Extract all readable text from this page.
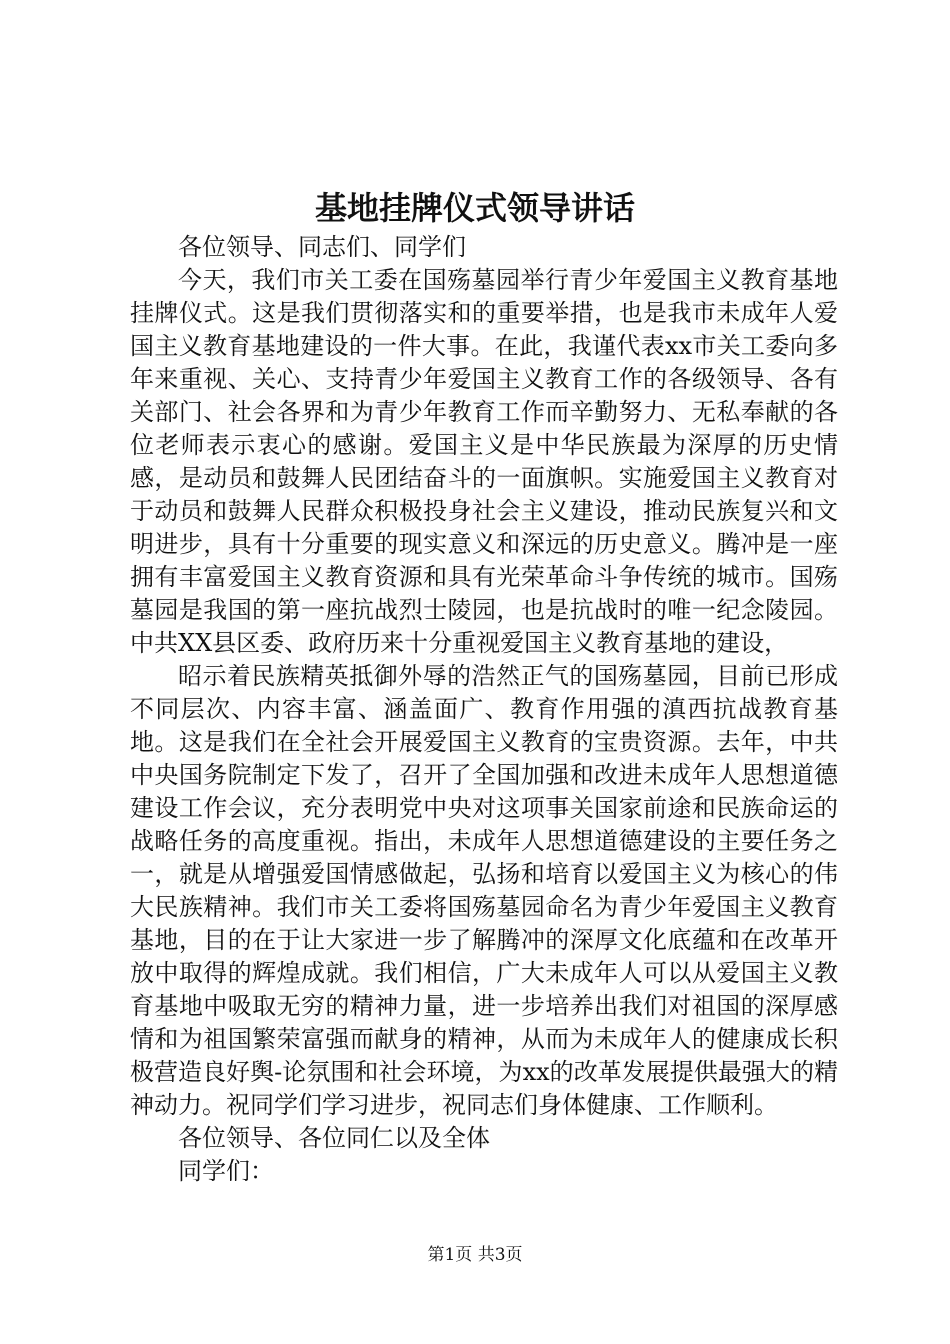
基地挂牌仪式领导讲话

各位领导、同志们、同学们

今天，我们市关工委在国殇墓园举行青少年爱国主义教育基地挂牌仪式。这是我们贯彻落实和的重要举措，也是我市未成年人爱国主义教育基地建设的一件大事。在此，我谨代表xx市关工委向多年来重视、关心、支持青少年爱国主义教育工作的各级领导、各有关部门、社会各界和为青少年教育工作而辛勤努力、无私奉献的各位老师表示衷心的感谢。爱国主义是中华民族最为深厚的历史情感，是动员和鼓舞人民团结奋斗的一面旗帜。实施爱国主义教育对于动员和鼓舞人民群众积极投身社会主义建设，推动民族复兴和文明进步，具有十分重要的现实意义和深远的历史意义。腾冲是一座拥有丰富爱国主义教育资源和具有光荣革命斗争传统的城市。国殇墓园是我国的第一座抗战烈士陵园，也是抗战时的唯一纪念陵园。中共XX县区委、政府历来十分重视爱国主义教育基地的建设，

昭示着民族精英抵御外辱的浩然正气的国殇墓园，目前已形成不同层次、内容丰富、涵盖面广、教育作用强的滇西抗战教育基地。这是我们在全社会开展爱国主义教育的宝贵资源。去年，中共中央国务院制定下发了，召开了全国加强和改进未成年人思想道德建设工作会议，充分表明党中央对这项事关国家前途和民族命运的战略任务的高度重视。指出，未成年人思想道德建设的主要任务之一，就是从增强爱国情感做起，弘扬和培育以爱国主义为核心的伟大民族精神。我们市关工委将国殇墓园命名为青少年爱国主义教育基地，目的在于让大家进一步了解腾冲的深厚文化底蕴和在改革开放中取得的辉煌成就。我们相信，广大未成年人可以从爱国主义教育基地中吸取无穷的精神力量，进一步培养出我们对祖国的深厚感情和为祖国繁荣富强而献身的精神，从而为未成年人的健康成长积极营造良好舆-论氛围和社会环境，为xx的改革发展提供最强大的精神动力。祝同学们学习进步，祝同志们身体健康、工作顺利。

各位领导、各位同仁以及全体

同学们：

第1页 共3页
